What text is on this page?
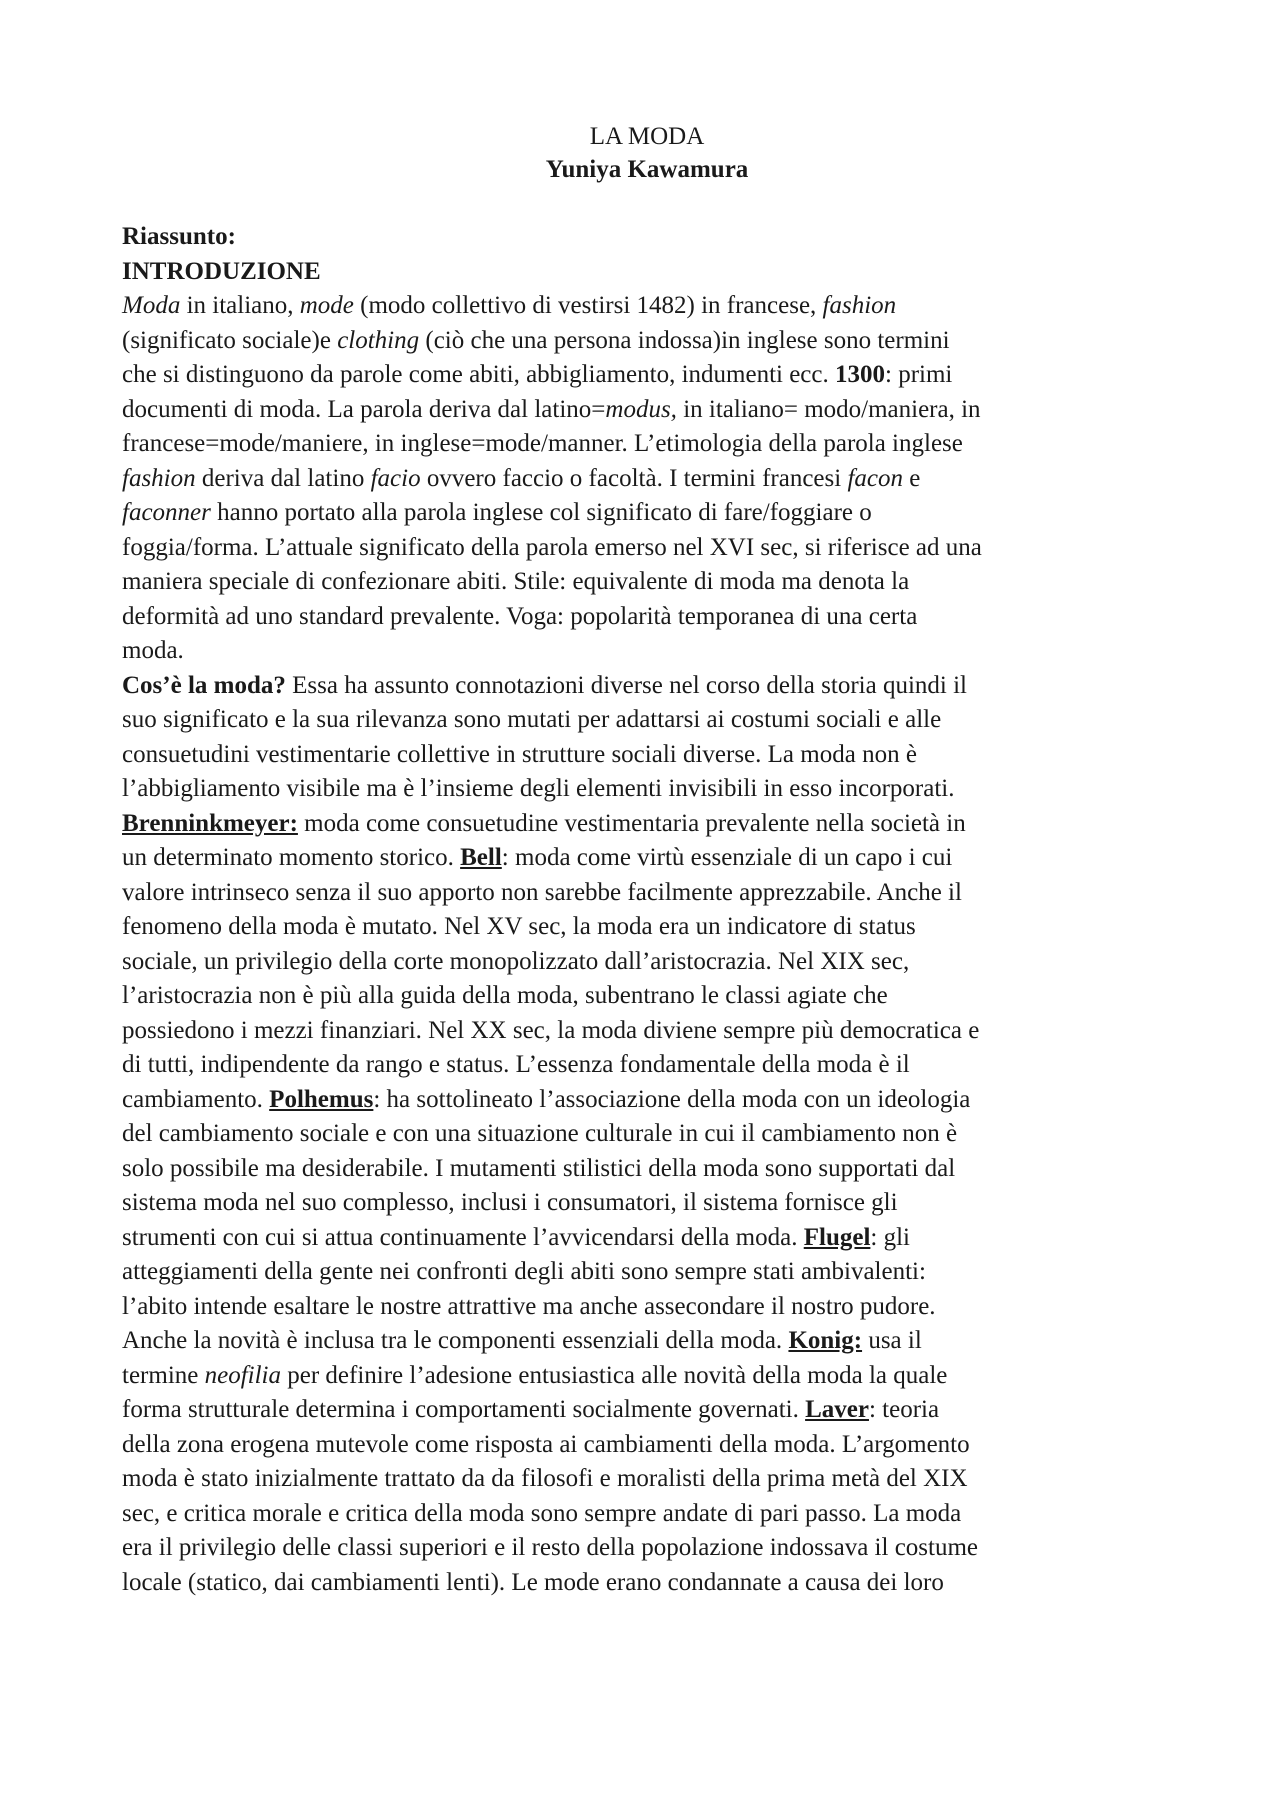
LA MODA

Yuniya Kawamura

Riassunto:

INTRODUZIONE

Moda in italiano, mode (modo collettivo di vestirsi 1482) in francese, fashion
(significato sociale)e clothing (ciò che una persona indossa)in inglese sono termini
che si distinguono da parole come abiti, abbigliamento, indumenti ecc. 1300: primi
documenti di moda. La parola deriva dal latino=modus, in italiano= modo/maniera, in
francese=mode/maniere, in inglese=mode/manner. L’etimologia della parola inglese
fashion deriva dal latino facio ovvero faccio o facoltà. I termini francesi facon e
faconner hanno portato alla parola inglese col significato di fare/foggiare o
foggia/forma. L’attuale significato della parola emerso nel XVI sec, si riferisce ad una
maniera speciale di confezionare abiti. Stile: equivalente di moda ma denota la
deformità ad uno standard prevalente. Voga: popolarità temporanea di una certa
moda.
Cos’è la moda? Essa ha assunto connotazioni diverse nel corso della storia quindi il
suo significato e la sua rilevanza sono mutati per adattarsi ai costumi sociali e alle
consuetudini vestimentarie collettive in strutture sociali diverse. La moda non è
l’abbigliamento visibile ma è l’insieme degli elementi invisibili in esso incorporati.
Brenninkmeyer: moda come consuetudine vestimentaria prevalente nella società in
un determinato momento storico. Bell: moda come virtù essenziale di un capo i cui
valore intrinseco senza il suo apporto non sarebbe facilmente apprezzabile. Anche il
fenomeno della moda è mutato. Nel XV sec, la moda era un indicatore di status
sociale, un privilegio della corte monopolizzato dall’aristocrazia. Nel XIX sec,
l’aristocrazia non è più alla guida della moda, subentrano le classi agiate che
possiedono i mezzi finanziari. Nel XX sec, la moda diviene sempre più democratica e
di tutti, indipendente da rango e status. L’essenza fondamentale della moda è il
cambiamento. Polhemus: ha sottolineato l’associazione della moda con un ideologia
del cambiamento sociale e con una situazione culturale in cui il cambiamento non è
solo possibile ma desiderabile. I mutamenti stilistici della moda sono supportati dal
sistema moda nel suo complesso, inclusi i consumatori, il sistema fornisce gli
strumenti con cui si attua continuamente l’avvicendarsi della moda. Flugel: gli
atteggiamenti della gente nei confronti degli abiti sono sempre stati ambivalenti:
l’abito intende esaltare le nostre attrattive ma anche assecondare il nostro pudore.
Anche la novità è inclusa tra le componenti essenziali della moda. Konig: usa il
termine neofilia per definire l’adesione entusiastica alle novità della moda la quale
forma strutturale determina i comportamenti socialmente governati. Laver: teoria
della zona erogena mutevole come risposta ai cambiamenti della moda. L’argomento
moda è stato inizialmente trattato da da filosofi e moralisti della prima metà del XIX
sec, e critica morale e critica della moda sono sempre andate di pari passo. La moda
era il privilegio delle classi superiori e il resto della popolazione indossava il costume
locale (statico, dai cambiamenti lenti). Le mode erano condannate a causa dei loro
